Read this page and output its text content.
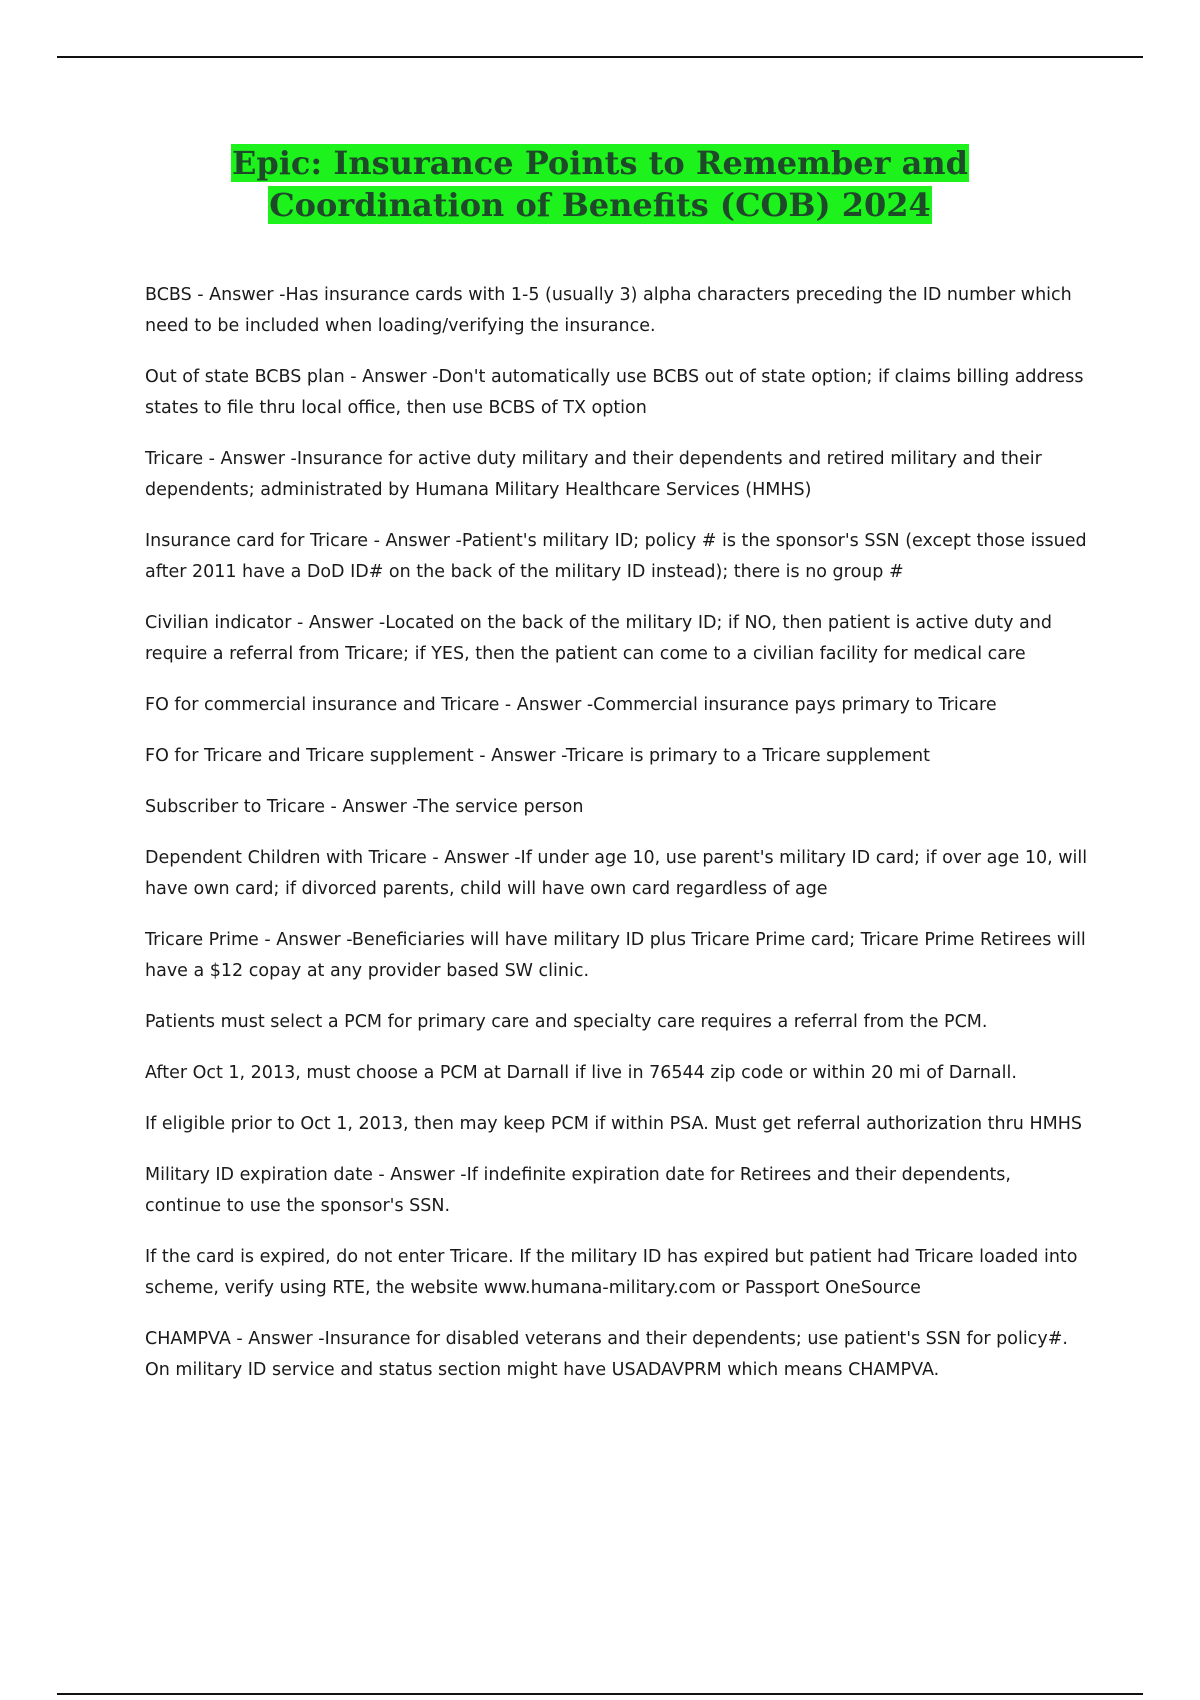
Epic: Insurance Points to Remember and Coordination of Benefits (COB) 2024

BCBS - Answer -Has insurance cards with 1-5 (usually 3) alpha characters preceding the ID number which need to be included when loading/verifying the insurance.

Out of state BCBS plan - Answer -Don't automatically use BCBS out of state option; if claims billing address states to file thru local office, then use BCBS of TX option

Tricare - Answer -Insurance for active duty military and their dependents and retired military and their dependents; administrated by Humana Military Healthcare Services (HMHS)

Insurance card for Tricare - Answer -Patient's military ID; policy # is the sponsor's SSN (except those issued after 2011 have a DoD ID# on the back of the military ID instead); there is no group #

Civilian indicator - Answer -Located on the back of the military ID; if NO, then patient is active duty and require a referral from Tricare; if YES, then the patient can come to a civilian facility for medical care

FO for commercial insurance and Tricare - Answer -Commercial insurance pays primary to Tricare

FO for Tricare and Tricare supplement - Answer -Tricare is primary to a Tricare supplement

Subscriber to Tricare - Answer -The service person

Dependent Children with Tricare - Answer -If under age 10, use parent's military ID card; if over age 10, will have own card; if divorced parents, child will have own card regardless of age

Tricare Prime - Answer -Beneficiaries will have military ID plus Tricare Prime card; Tricare Prime Retirees will have a $12 copay at any provider based SW clinic.

Patients must select a PCM for primary care and specialty care requires a referral from the PCM.

After Oct 1, 2013, must choose a PCM at Darnall if live in 76544 zip code or within 20 mi of Darnall.

If eligible prior to Oct 1, 2013, then may keep PCM if within PSA. Must get referral authorization thru HMHS

Military ID expiration date - Answer -If indefinite expiration date for Retirees and their dependents, continue to use the sponsor's SSN.

If the card is expired, do not enter Tricare. If the military ID has expired but patient had Tricare loaded into scheme, verify using RTE, the website www.humana-military.com or Passport OneSource

CHAMPVA - Answer -Insurance for disabled veterans and their dependents; use patient's SSN for policy#. On military ID service and status section might have USADAVPRM which means CHAMPVA.
